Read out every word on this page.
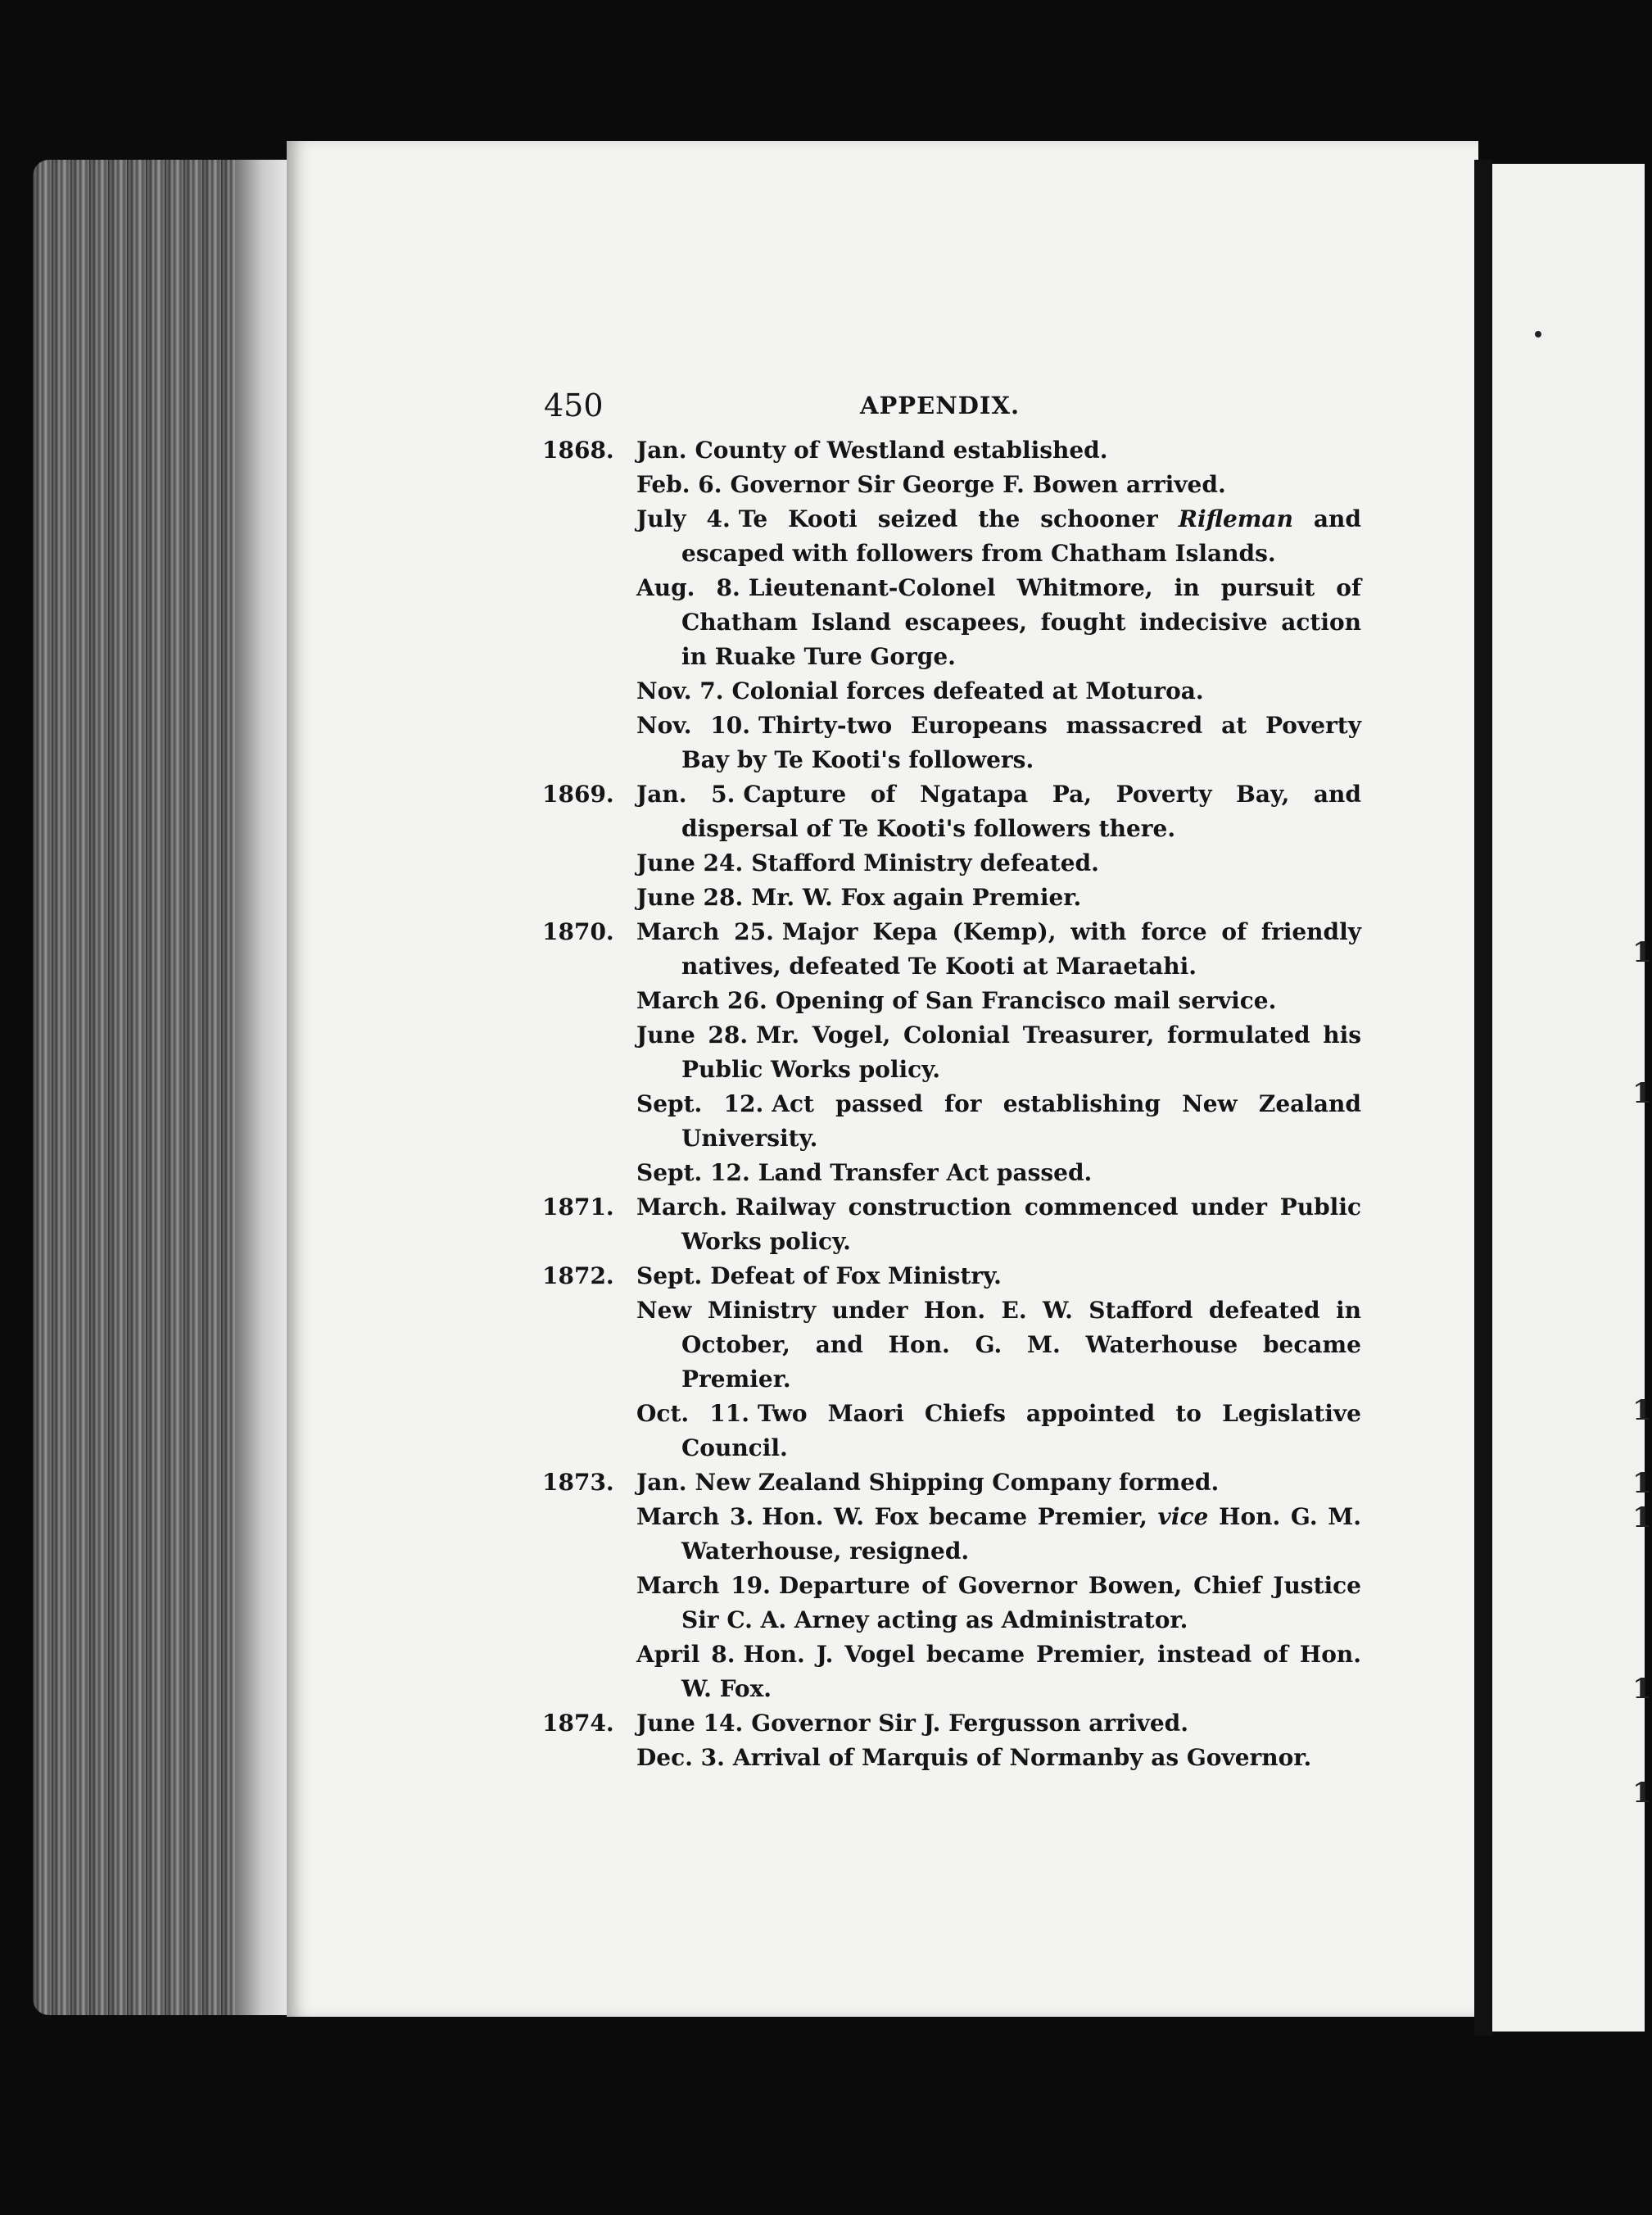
1
1
1
1
1
1
1
450	APPENDIX.
1868. Jan. County of Westland established.
Feb. 6. Governor Sir George F. Bowen arrived.
July 4. Te Kooti seized the schooner Rifleman and escaped with followers from Chatham Islands.
Aug. 8. Lieutenant-Colonel Whitmore, in pursuit of Chatham Island escapees, fought indecisive action in Ruake Ture Gorge.
Nov. 7. Colonial forces defeated at Moturoa.
Nov. 10. Thirty-two Europeans massacred at Poverty Bay by Te Kooti's followers.
1869. Jan. 5. Capture of Ngatapa Pa, Poverty Bay, and dispersal of Te Kooti's followers there.
June 24. Stafford Ministry defeated.
June 28. Mr. W. Fox again Premier.
1870. March 25. Major Kepa (Kemp), with force of friendly natives, defeated Te Kooti at Maraetahi.
March 26. Opening of San Francisco mail service.
June 28. Mr. Vogel, Colonial Treasurer, formulated his Public Works policy.
Sept. 12. Act passed for establishing New Zealand University.
Sept. 12. Land Transfer Act passed.
1871. March. Railway construction commenced under Public Works policy.
1872. Sept. Defeat of Fox Ministry.
New Ministry under Hon. E. W. Stafford defeated in October, and Hon. G. M. Waterhouse became Premier.
Oct. 11. Two Maori Chiefs appointed to Legislative Council.
1873. Jan. New Zealand Shipping Company formed.
March 3. Hon. W. Fox became Premier, vice Hon. G. M. Waterhouse, resigned.
March 19. Departure of Governor Bowen, Chief Justice Sir C. A. Arney acting as Administrator.
April 8. Hon. J. Vogel became Premier, instead of Hon. W. Fox.
1874. June 14. Governor Sir J. Fergusson arrived.
Dec. 3. Arrival of Marquis of Normanby as Governor.
